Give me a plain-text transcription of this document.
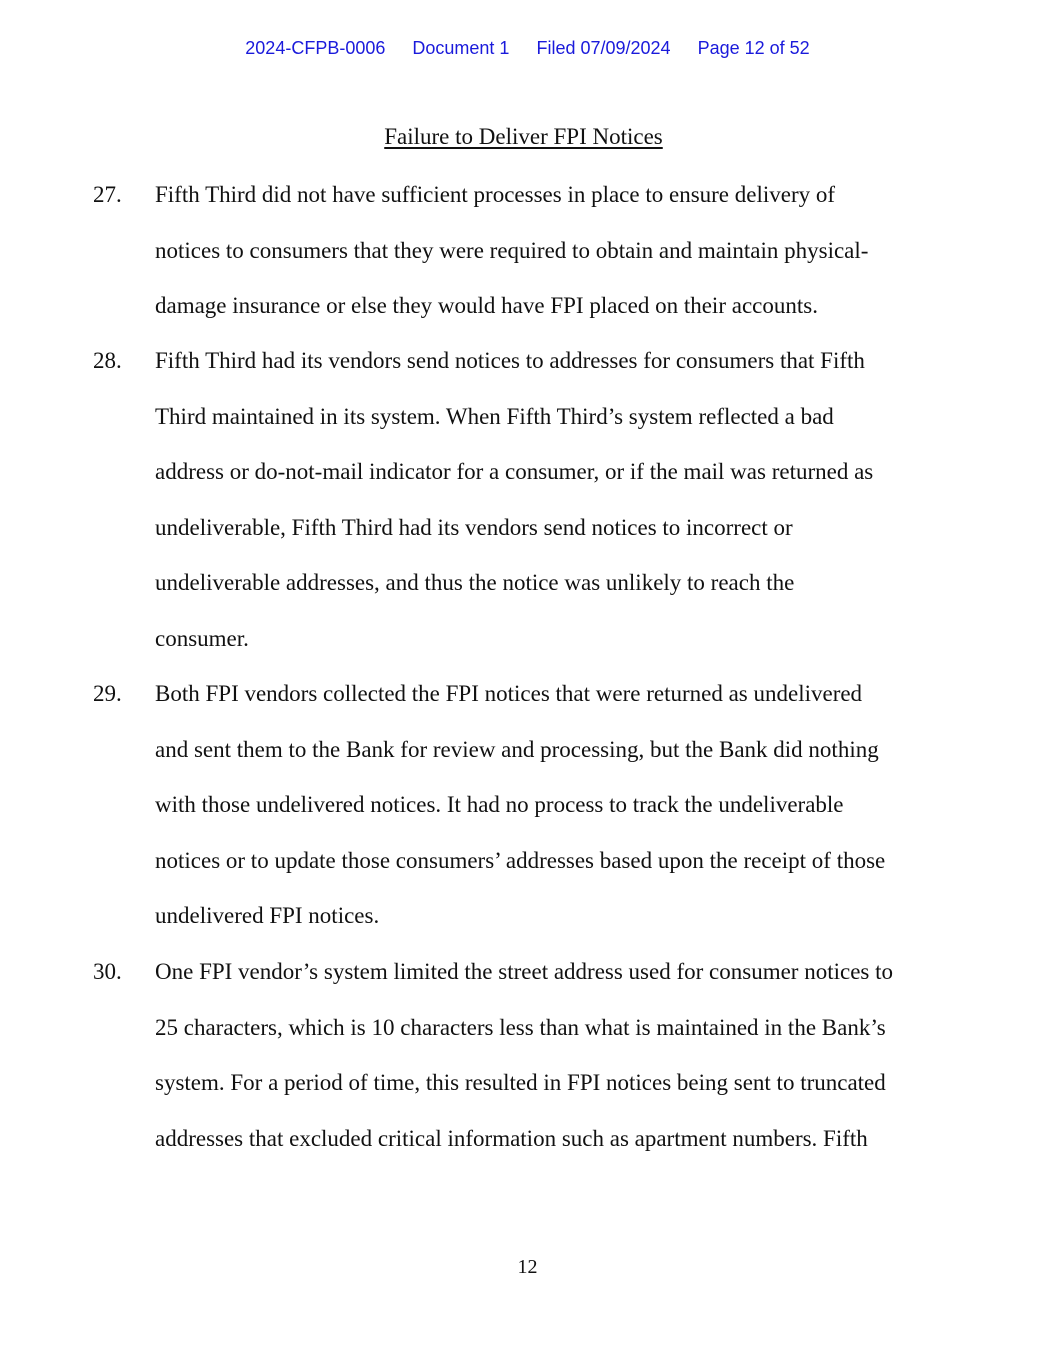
2024-CFPB-0006 Document 1 Filed 07/09/2024 Page 12 of 52
Failure to Deliver FPI Notices
27. Fifth Third did not have sufficient processes in place to ensure delivery of
notices to consumers that they were required to obtain and maintain physical-
damage insurance or else they would have FPI placed on their accounts.
28. Fifth Third had its vendors send notices to addresses for consumers that Fifth
Third maintained in its system. When Fifth Third’s system reflected a bad
address or do-not-mail indicator for a consumer, or if the mail was returned as
undeliverable, Fifth Third had its vendors send notices to incorrect or
undeliverable addresses, and thus the notice was unlikely to reach the
consumer.
29. Both FPI vendors collected the FPI notices that were returned as undelivered
and sent them to the Bank for review and processing, but the Bank did nothing
with those undelivered notices. It had no process to track the undeliverable
notices or to update those consumers’ addresses based upon the receipt of those
undelivered FPI notices.
30. One FPI vendor’s system limited the street address used for consumer notices to
25 characters, which is 10 characters less than what is maintained in the Bank’s
system. For a period of time, this resulted in FPI notices being sent to truncated
addresses that excluded critical information such as apartment numbers. Fifth
12
